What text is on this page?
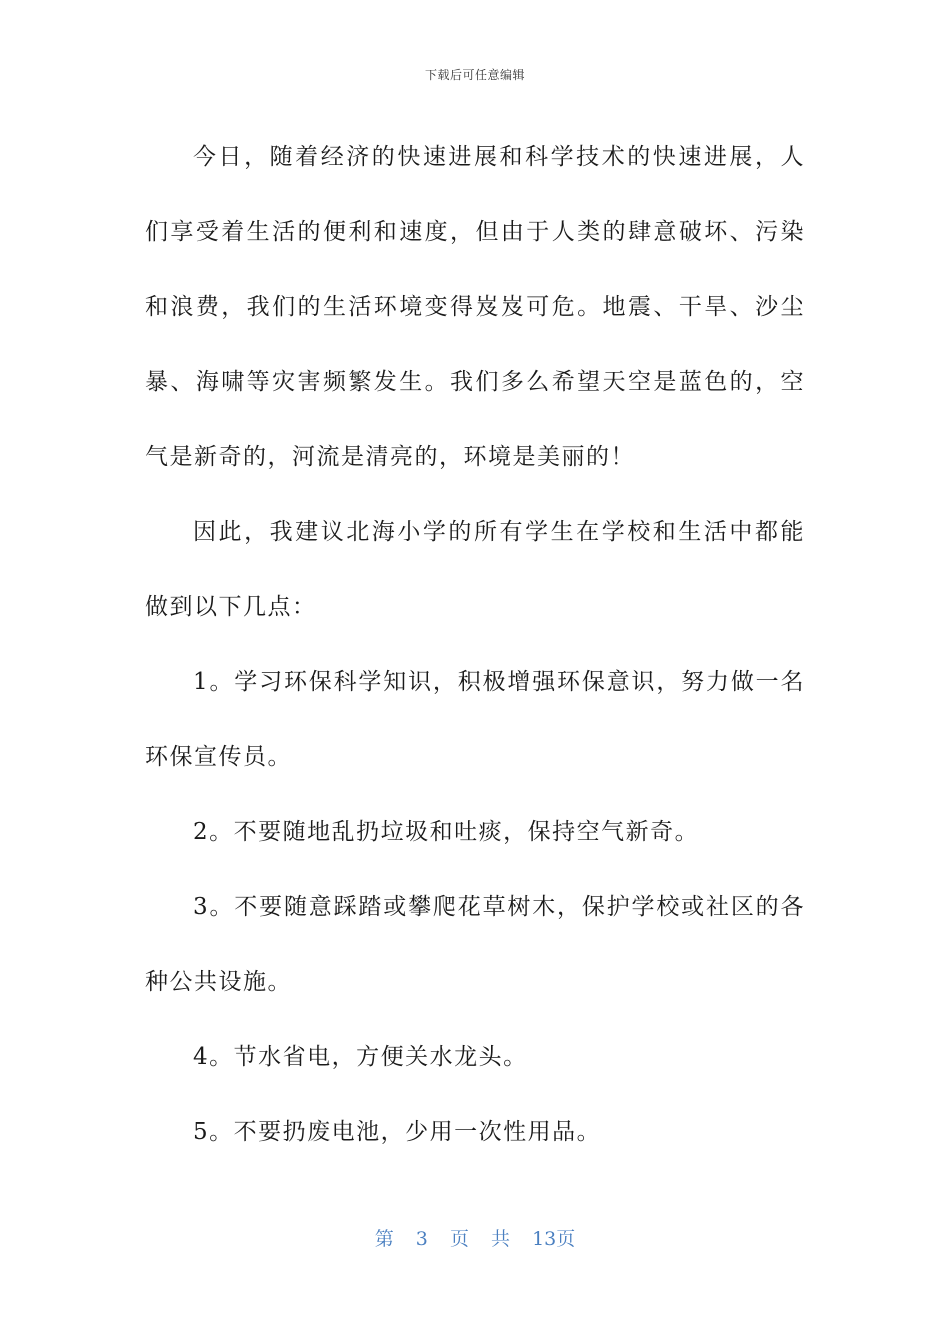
下载后可任意编辑

今日，随着经济的快速进展和科学技术的快速进展，人们享受着生活的便利和速度，但由于人类的肆意破坏、污染和浪费，我们的生活环境变得岌岌可危。地震、干旱、沙尘暴、海啸等灾害频繁发生。我们多么希望天空是蓝色的，空气是新奇的，河流是清亮的，环境是美丽的！

因此，我建议北海小学的所有学生在学校和生活中都能做到以下几点：

1。学习环保科学知识，积极增强环保意识，努力做一名环保宣传员。

2。不要随地乱扔垃圾和吐痰，保持空气新奇。

3。不要随意踩踏或攀爬花草树木，保护学校或社区的各种公共设施。

4。节水省电，方便关水龙头。

5。不要扔废电池，少用一次性用品。

第 3 页 共 13页
